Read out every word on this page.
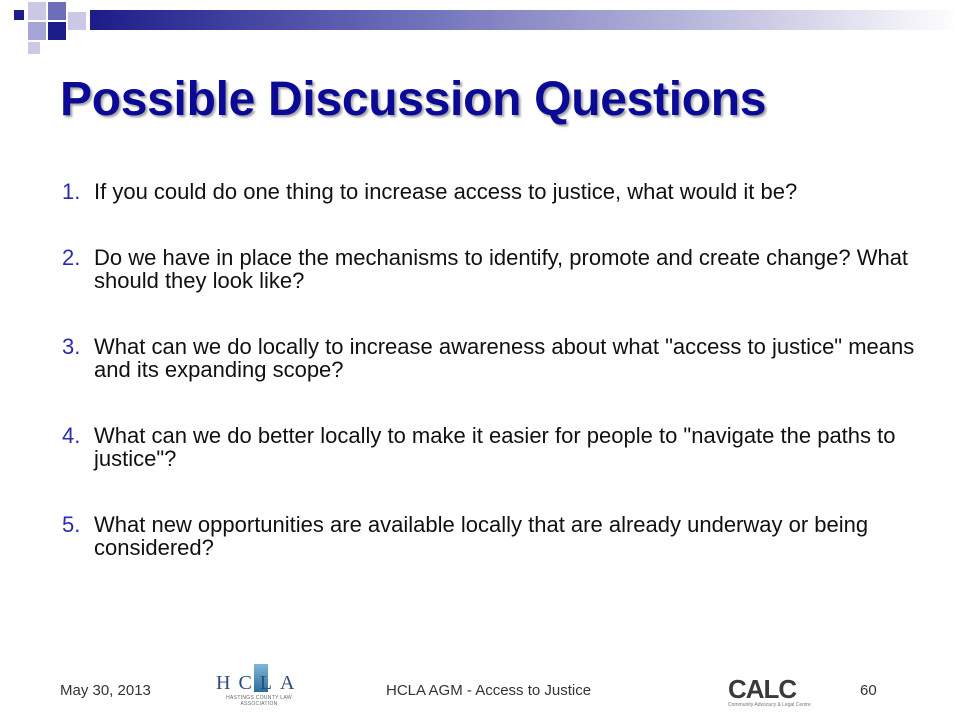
Possible Discussion Questions
1. If you could do one thing to increase access to justice, what would it be?
2. Do we have in place the mechanisms to identify, promote and create change? What should they look like?
3. What can we do locally to increase awareness about what "access to justice" means and its expanding scope?
4. What can we do better locally to make it easier for people to "navigate the paths to justice"?
5. What new opportunities are available locally that are already underway or being considered?
May 30, 2013	HCLA
HASTINGS COUNTY LAW ASSOCIATION
HCLA AGM - Access to Justice	CALC
Community Advocacy & Legal Centre
60
